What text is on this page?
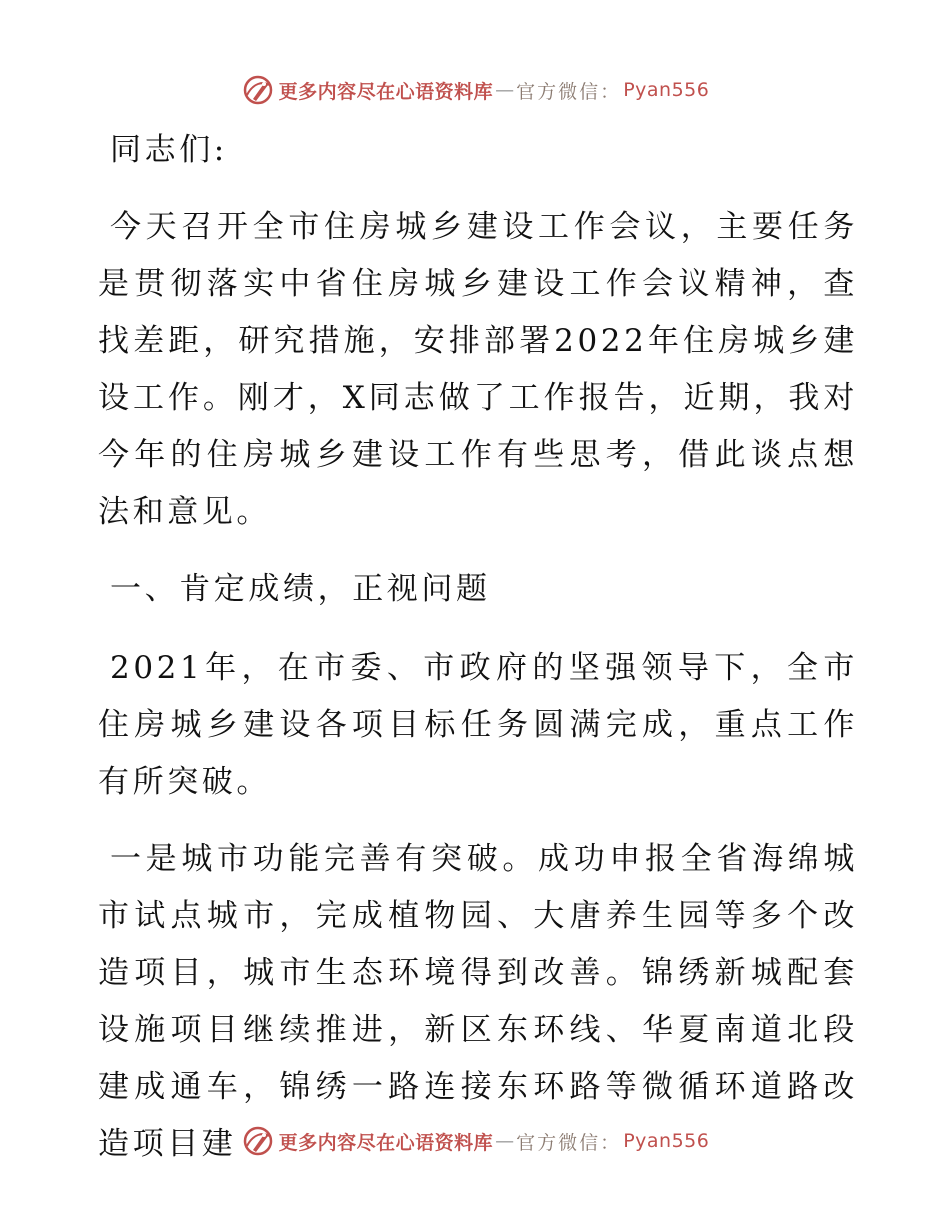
更多内容尽在心语资料库 — 官方微信 ： Pyan556

同志们:

今天召开全市住房城乡建设工作会议，主要任务是贯彻落实中省住房城乡建设工作会议精神，查找差距，研究措施，安排部署2022年住房城乡建设工作。刚才，X同志做了工作报告，近期，我对今年的住房城乡建设工作有些思考，借此谈点想法和意见。

一、肯定成绩，正视问题

2021年，在市委、市政府的坚强领导下，全市住房城乡建设各项目标任务圆满完成，重点工作有所突破。

一是城市功能完善有突破。成功申报全省海绵城市试点城市，完成植物园、大唐养生园等多个改造项目，城市生态环境得到改善。锦绣新城配套设施项目继续推进，新区东环线、华夏南道北段建成通车，锦绣一路连接东环路等微循环道路改造项目建	更多内容尽在心语资料库 — 官方微信 ： Pyan556
